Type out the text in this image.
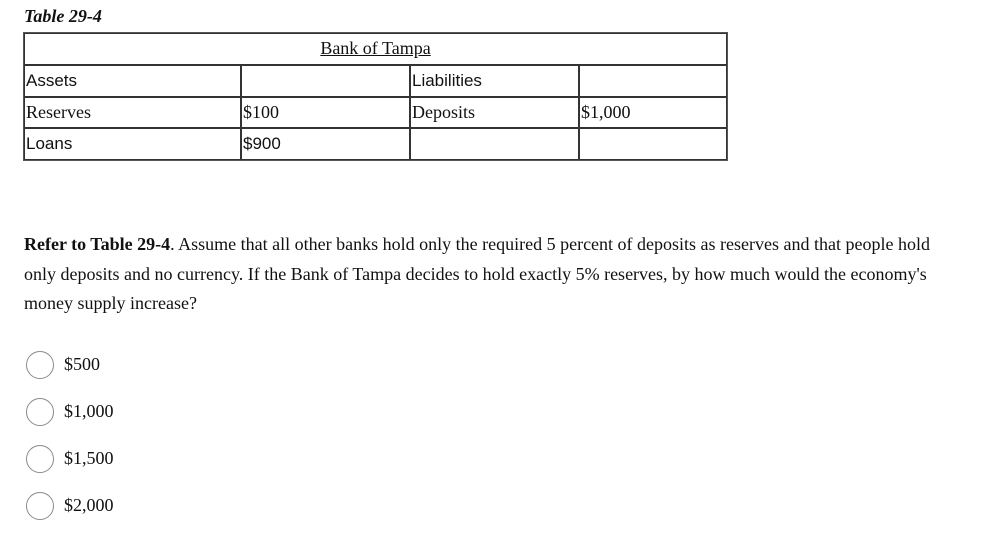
Table 29-4
Bank of Tampa			
Assets		Liabilities	
Reserves	$100	Deposits	$1,000
Loans	$900		
Refer to Table 29-4. Assume that all other banks hold only the required 5 percent of deposits as reserves and that people hold only deposits and no currency. If the Bank of Tampa decides to hold exactly 5% reserves, by how much would the economy's money supply increase?
$500
$1,000
$1,500
$2,000
